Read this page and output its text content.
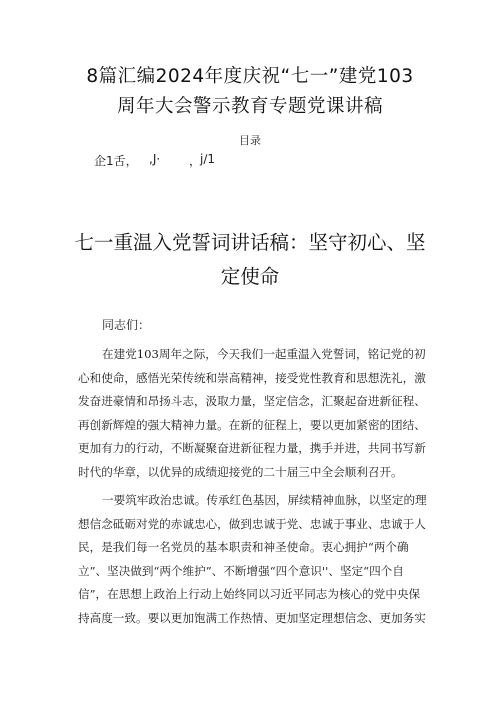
8篇汇编2024年度庆祝“七一”建党103
周年大会警示教育专题党课讲稿
目录
企1舌， ,J· ，
j∕1
七一重温入党誓词讲话稿：坚守初心、坚
定使命
同志们：
在建党103周年之际，今天我们一起重温入党誓词，铭记党的初
心和使命，感悟光荣传统和崇高精神，接受党性教育和思想洗礼，激
发奋进豪情和昂扬斗志，汲取力量，坚定信念，汇聚起奋进新征程、
再创新辉煌的强大精神力量。在新的征程上，要以更加紧密的团结、
更加有力的行动，不断凝聚奋进新征程力量，携手并进，共同书写新
时代的华章，以优异的成绩迎接党的二十届三中全会顺利召开。
一要筑牢政治忠诚。传承红色基因，屏续精神血脉，以坚定的理
想信念砥砺对党的赤诚忠心，做到忠诚于党、忠诚于事业、忠诚于人
民，是我们每一名党员的基本职责和神圣使命。衷心拥护“两个确
立”、坚决做到“两个维护”、不断增强“四个意识''、坚定“四个自
信”，在思想上政治上行动上始终同以习近平同志为核心的党中央保
持高度一致。要以更加饱满工作热情、更加坚定理想信念、更加务实
